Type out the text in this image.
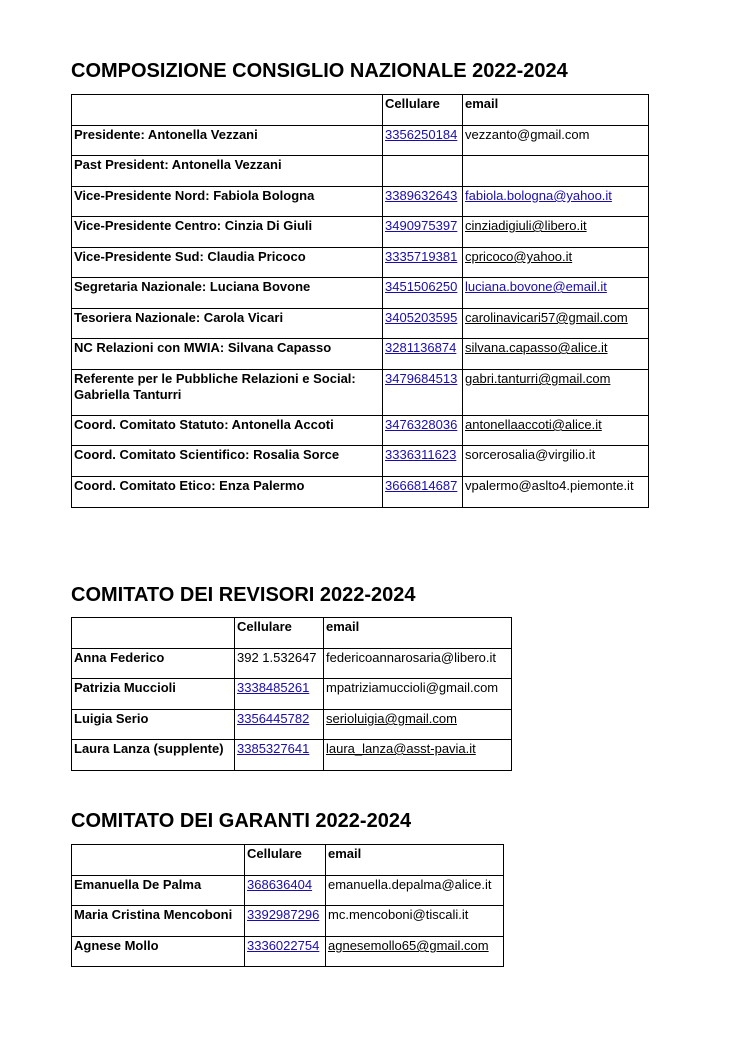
COMPOSIZIONE CONSIGLIO NAZIONALE 2022-2024
	Cellulare	email
Presidente: Antonella Vezzani	3356250184	vezzanto@gmail.com
Past President: Antonella Vezzani		
Vice-Presidente Nord: Fabiola Bologna	3389632643	fabiola.bologna@yahoo.it
Vice-Presidente Centro: Cinzia Di Giuli	3490975397	cinziadigiuli@libero.it
Vice-Presidente Sud: Claudia Pricoco	3335719381	cpricoco@yahoo.it
Segretaria Nazionale: Luciana Bovone	3451506250	luciana.bovone@email.it
Tesoriera Nazionale: Carola Vicari	3405203595	carolinavicari57@gmail.com
NC Relazioni con MWIA: Silvana Capasso	3281136874	silvana.capasso@alice.it
Referente per le Pubbliche Relazioni e Social: Gabriella Tanturri	3479684513	gabri.tanturri@gmail.com
Coord. Comitato Statuto: Antonella Accoti	3476328036	antonellaaccoti@alice.it
Coord. Comitato Scientifico: Rosalia Sorce	3336311623	sorcerosalia@virgilio.it
Coord. Comitato Etico: Enza Palermo	3666814687	vpalermo@aslto4.piemonte.it
COMITATO DEI REVISORI 2022-2024
	Cellulare	email
Anna Federico	392 1.532647	federicoannarosaria@libero.it
Patrizia Muccioli	3338485261	mpatriziamuccioli@gmail.com
Luigia Serio	3356445782	serioluigia@gmail.com
Laura Lanza (supplente)	3385327641	laura_lanza@asst-pavia.it
COMITATO DEI GARANTI 2022-2024
	Cellulare	email
Emanuella De Palma	368636404	emanuella.depalma@alice.it
Maria Cristina Mencoboni	3392987296	mc.mencoboni@tiscali.it
Agnese Mollo	3336022754	agnesemollo65@gmail.com
